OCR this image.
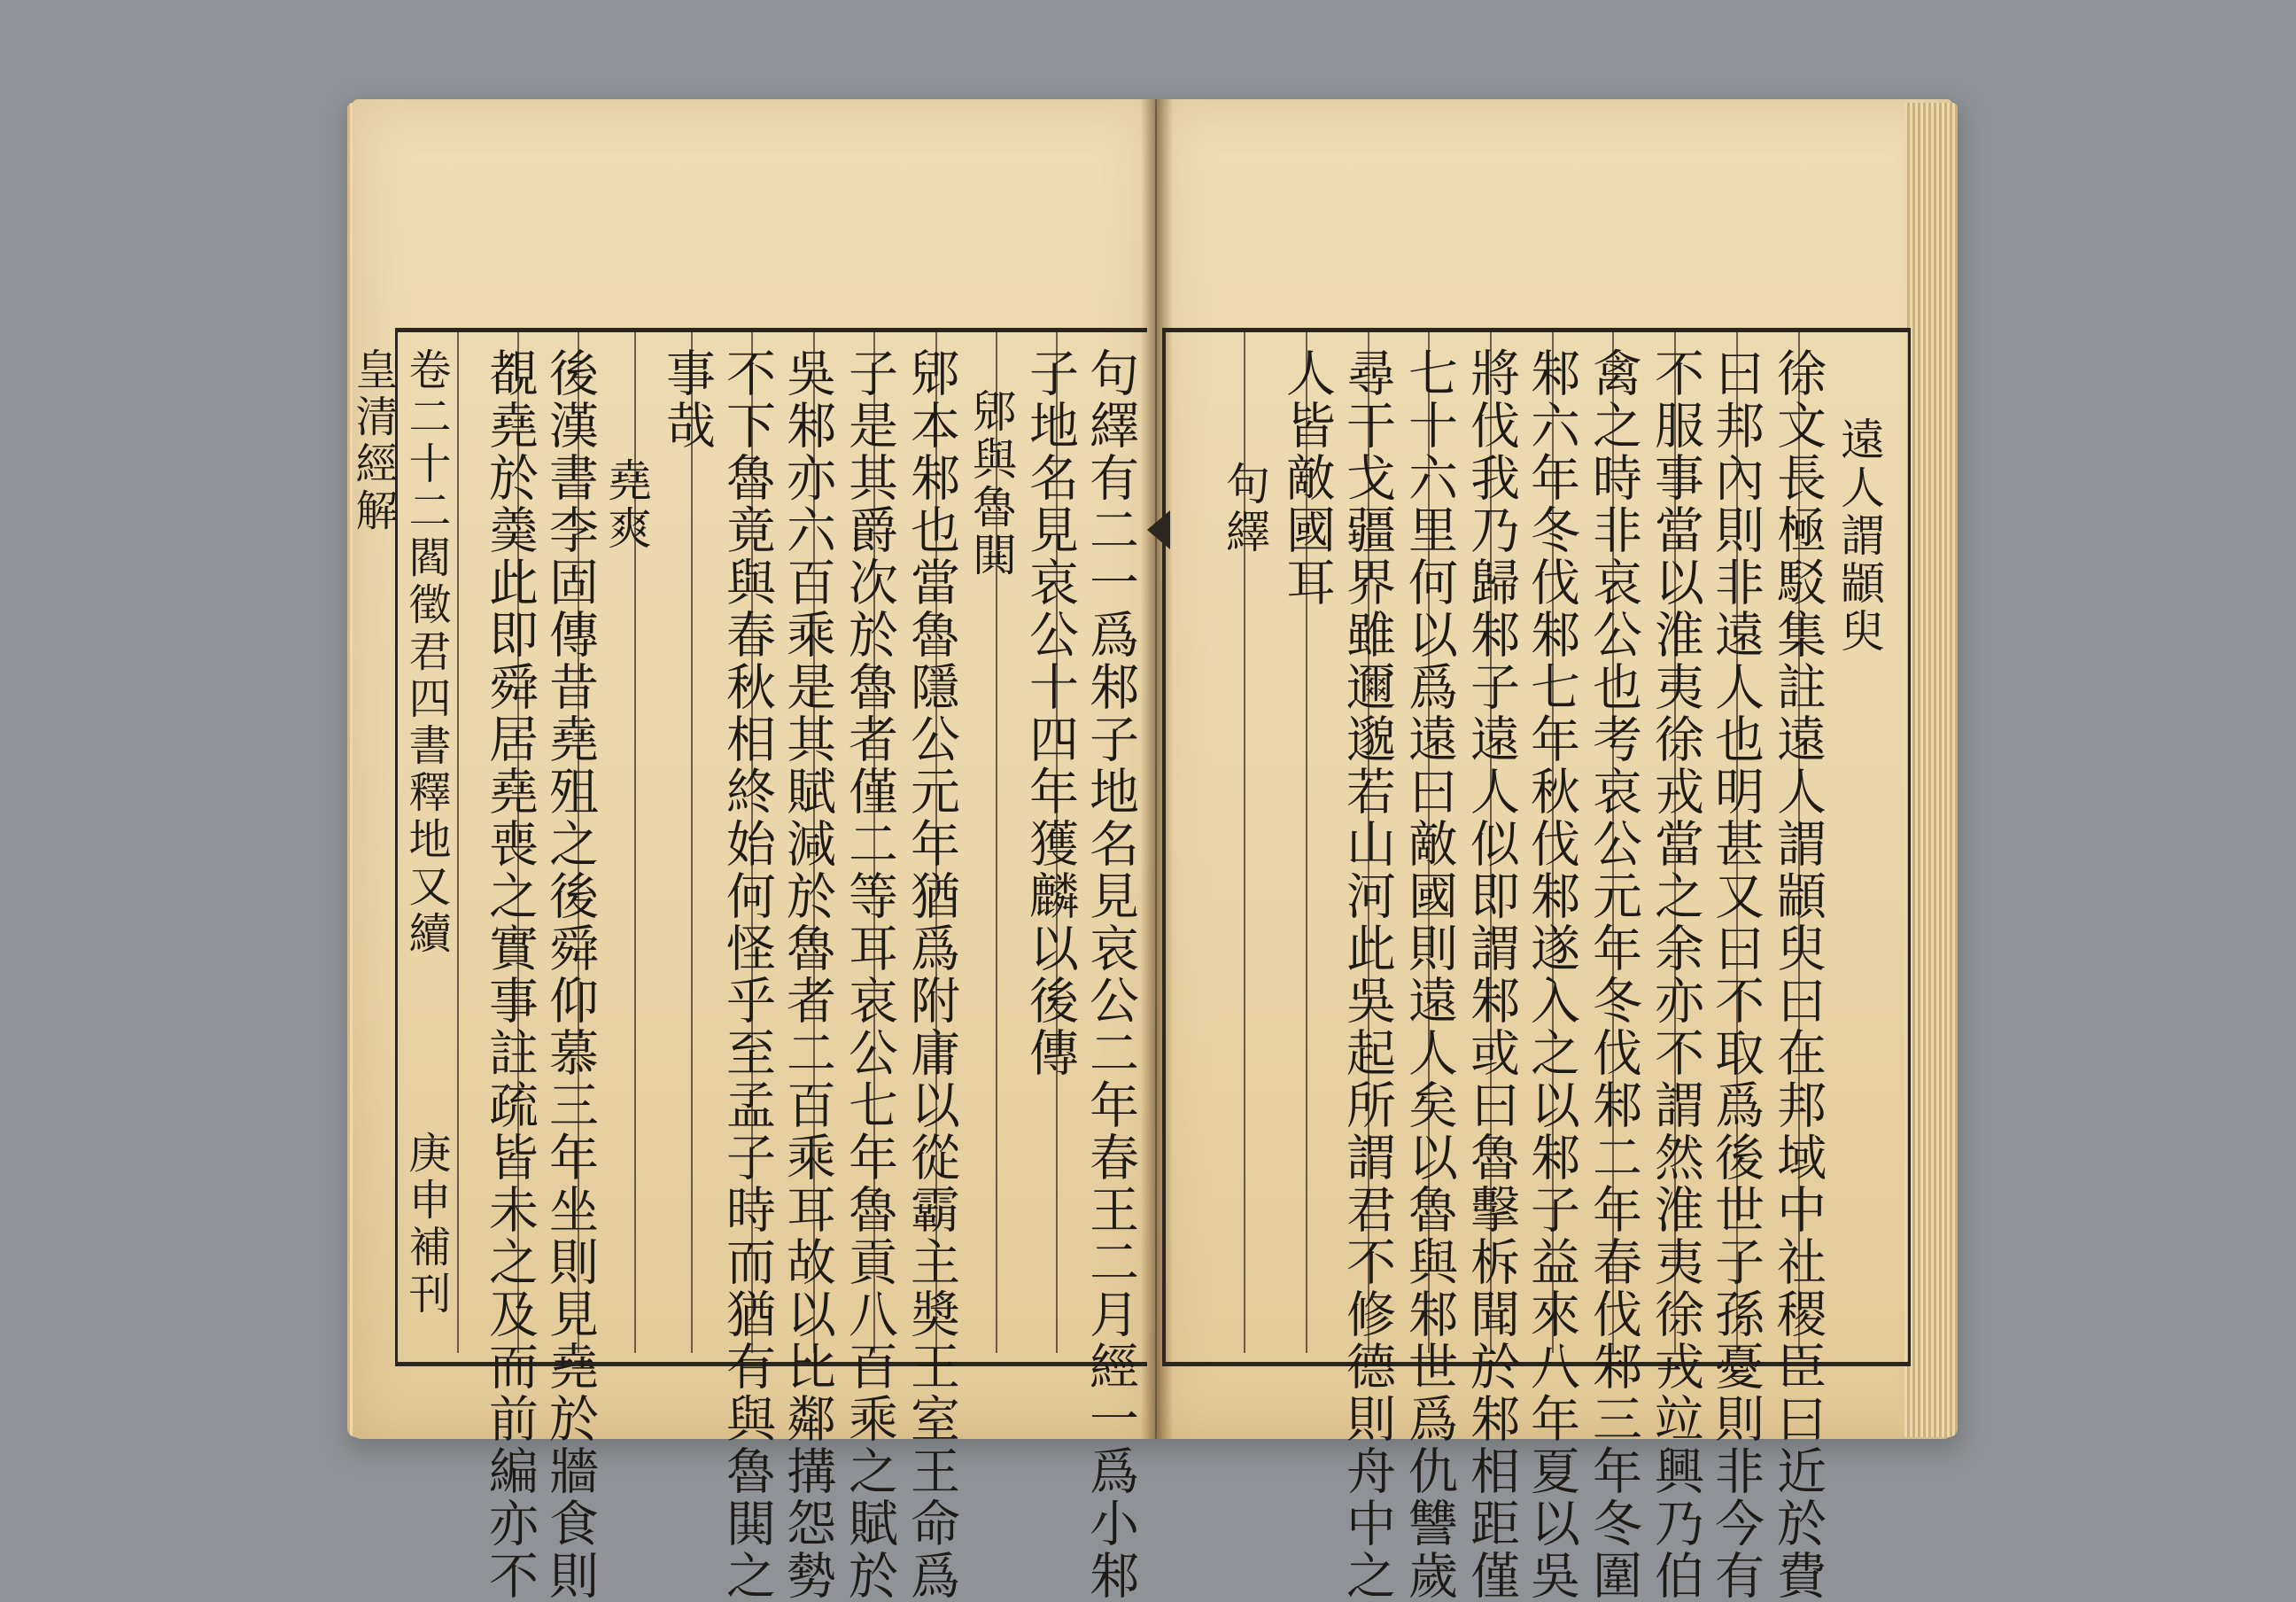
皇清經解 卷二十二閻徵君四書釋地又續
庚申補刊	句繹有二一爲邾子地名見哀公二年春王二月經一爲小邾
子地名見哀公十四年獲麟以後傳
郳與魯閧
郳本邾也當魯隱公元年猶爲附庸以從霸主奬王室王命爲
子是其爵次於魯者僅二等耳哀公七年魯貢八百乘之賦於
吳邾亦六百乘是其賦減於魯者二百乘耳故以比鄰搆怨勢
不下魯竟與春秋相終始何怪乎至孟子時而猶有與魯閧之
事哉
堯爽
後漢書李固傳昔堯殂之後舜仰慕三年坐則見堯於牆食則
覩堯於羮此即舜居堯喪之實事註疏皆未之及而前編亦不	遠人謂顓臾
徐文長極駁集註遠人謂顓臾曰在邦域中社稷臣曰近於費
曰邦內則非遠人也明甚又曰不取爲後世子孫憂則非今有
不服事當以淮夷徐戎當之余亦不謂然淮夷徐戎竝興乃伯
禽之時非哀公也考哀公元年冬伐邾二年春伐邾三年冬圍
邾六年冬伐邾七年秋伐邾遂入之以邾子益來八年夏以吳
將伐我乃歸邾子遠人似即謂邾或曰魯擊柝聞於邾相距僅
七十六里何以爲遠曰敵國則遠人矣以魯與邾世爲仇讐歲
尋干戈疆界雖邇邈若山河此吳起所謂君不修德則舟中之
人皆敵國耳
句繹
